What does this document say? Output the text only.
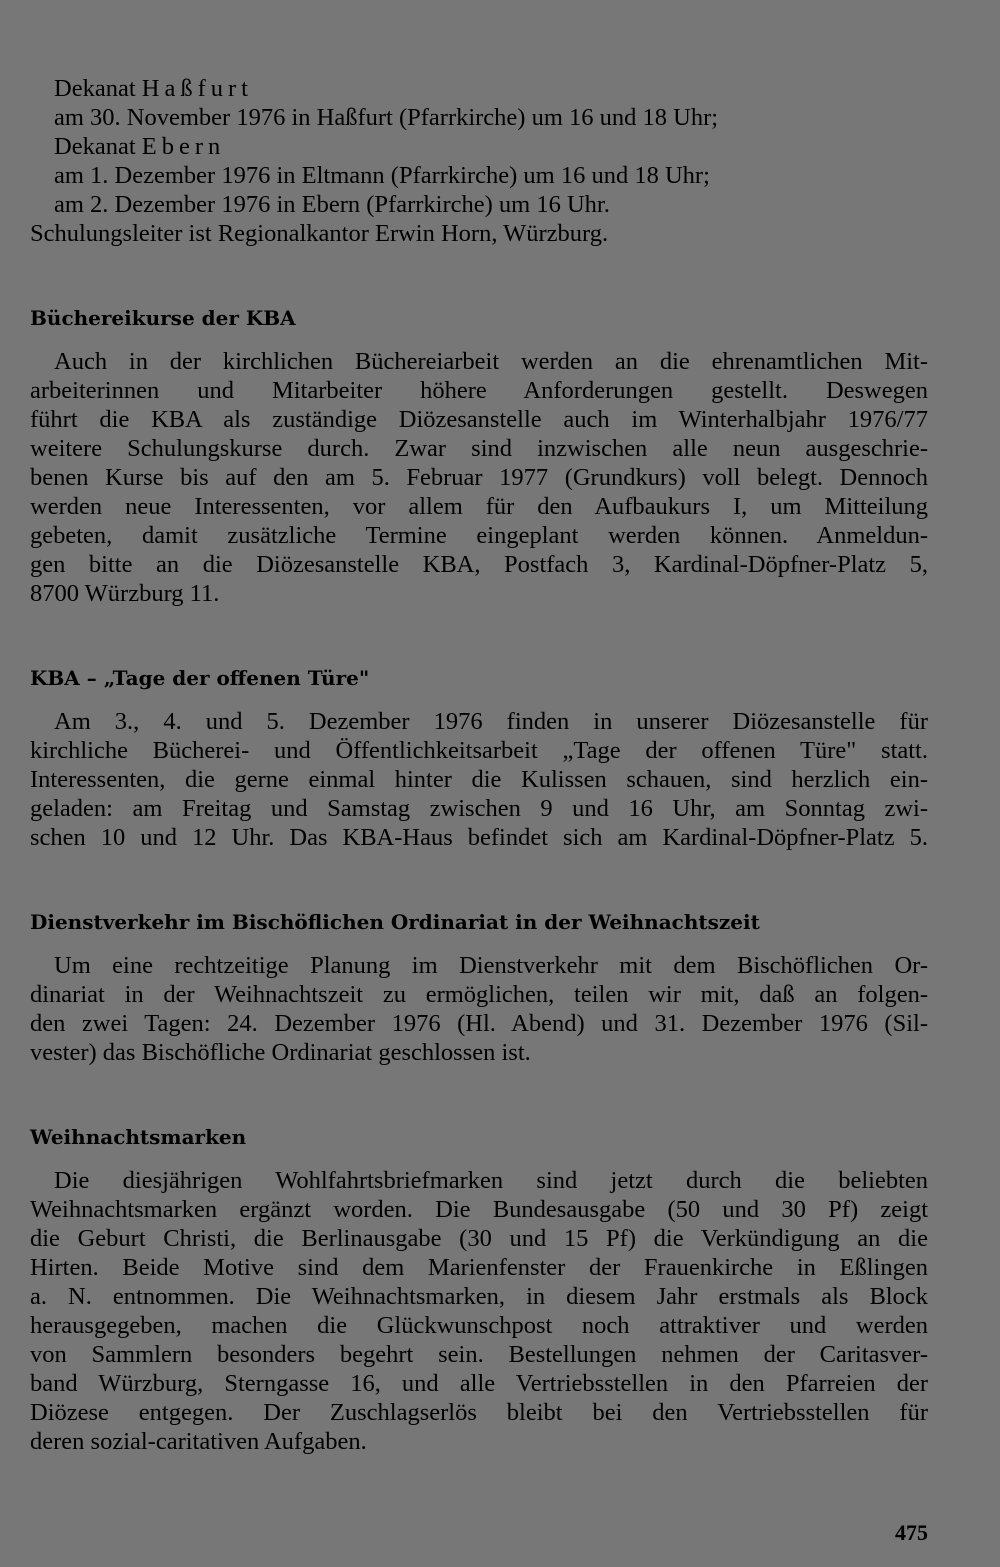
Dekanat Haßfurt
am 30. November 1976 in Haßfurt (Pfarrkirche) um 16 und 18 Uhr;
Dekanat Ebern
am 1. Dezember 1976 in Eltmann (Pfarrkirche) um 16 und 18 Uhr;
am 2. Dezember 1976 in Ebern (Pfarrkirche) um 16 Uhr.
Schulungsleiter ist Regionalkantor Erwin Horn, Würzburg.
Büchereikurse der KBA
Auch in der kirchlichen Büchereiarbeit werden an die ehrenamtlichen Mit-
arbeiterinnen und Mitarbeiter höhere Anforderungen gestellt. Deswegen
führt die KBA als zuständige Diözesanstelle auch im Winterhalbjahr 1976/77
weitere Schulungskurse durch. Zwar sind inzwischen alle neun ausgeschrie-
benen Kurse bis auf den am 5. Februar 1977 (Grundkurs) voll belegt. Dennoch
werden neue Interessenten, vor allem für den Aufbaukurs I, um Mitteilung
gebeten, damit zusätzliche Termine eingeplant werden können. Anmeldun-
gen bitte an die Diözesanstelle KBA, Postfach 3, Kardinal-Döpfner-Platz 5,
8700 Würzburg 11.
KBA – „Tage der offenen Türe"
Am 3., 4. und 5. Dezember 1976 finden in unserer Diözesanstelle für
kirchliche Bücherei- und Öffentlichkeitsarbeit „Tage der offenen Türe" statt.
Interessenten, die gerne einmal hinter die Kulissen schauen, sind herzlich ein-
geladen: am Freitag und Samstag zwischen 9 und 16 Uhr, am Sonntag zwi-
schen 10 und 12 Uhr. Das KBA-Haus befindet sich am Kardinal-Döpfner-Platz 5.
Dienstverkehr im Bischöflichen Ordinariat in der Weihnachtszeit
Um eine rechtzeitige Planung im Dienstverkehr mit dem Bischöflichen Or-
dinariat in der Weihnachtszeit zu ermöglichen, teilen wir mit, daß an folgen-
den zwei Tagen: 24. Dezember 1976 (Hl. Abend) und 31. Dezember 1976 (Sil-
vester) das Bischöfliche Ordinariat geschlossen ist.
Weihnachtsmarken
Die diesjährigen Wohlfahrtsbriefmarken sind jetzt durch die beliebten
Weihnachtsmarken ergänzt worden. Die Bundesausgabe (50 und 30 Pf) zeigt
die Geburt Christi, die Berlinausgabe (30 und 15 Pf) die Verkündigung an die
Hirten. Beide Motive sind dem Marienfenster der Frauenkirche in Eßlingen
a. N. entnommen. Die Weihnachtsmarken, in diesem Jahr erstmals als Block
herausgegeben, machen die Glückwunschpost noch attraktiver und werden
von Sammlern besonders begehrt sein. Bestellungen nehmen der Caritasver-
band Würzburg, Sterngasse 16, und alle Vertriebsstellen in den Pfarreien der
Diözese entgegen. Der Zuschlagserlös bleibt bei den Vertriebsstellen für
deren sozial-caritativen Aufgaben.
475
